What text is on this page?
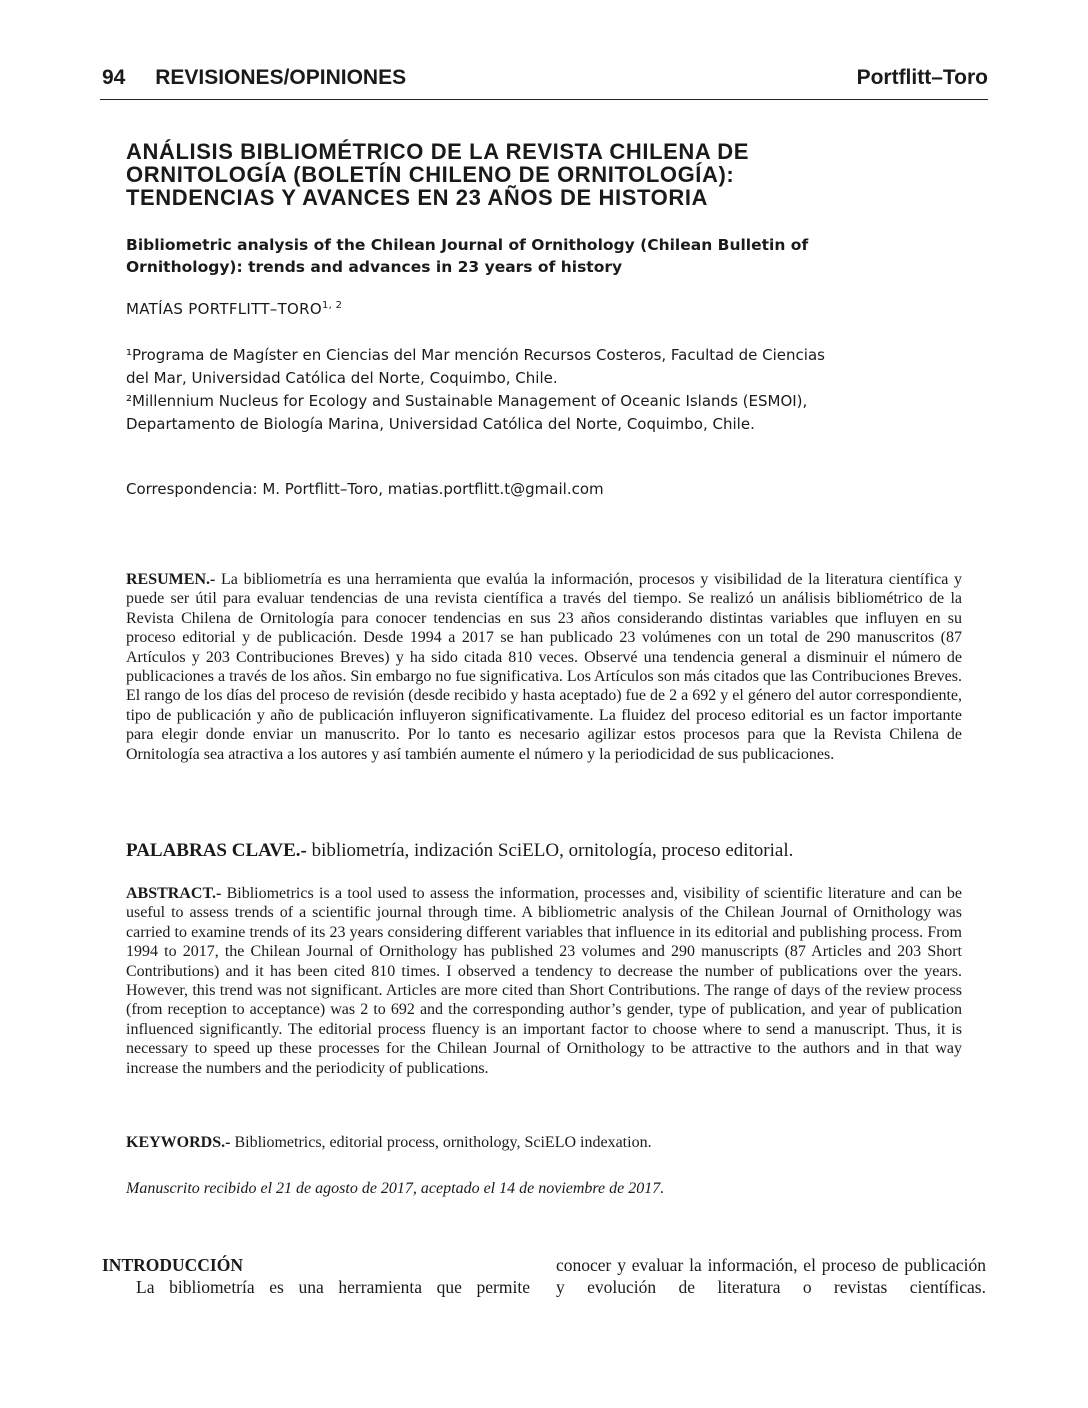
94 REVISIONES/OPINIONES	Portflitt–Toro
ANÁLISIS BIBLIOMÉTRICO DE LA REVISTA CHILENA DE
ORNITOLOGÍA (BOLETÍN CHILENO DE ORNITOLOGÍA):
TENDENCIAS Y AVANCES EN 23 AÑOS DE HISTORIA
Bibliometric analysis of the Chilean Journal of Ornithology (Chilean Bulletin of
Ornithology): trends and advances in 23 years of history
MATÍAS PORTFLITT–TORO$^{1, 2}$
¹Programa de Magíster en Ciencias del Mar mención Recursos Costeros, Facultad de Ciencias
del Mar, Universidad Católica del Norte, Coquimbo, Chile.
²Millennium Nucleus for Ecology and Sustainable Management of Oceanic Islands (ESMOI),
Departamento de Biología Marina, Universidad Católica del Norte, Coquimbo, Chile.
Correspondencia: M. Portflitt–Toro, matias.portflitt.t@gmail.com

RESUMEN.- La bibliometría es una herramienta que evalúa la información, procesos y visibilidad de la literatura científica y puede ser útil para evaluar tendencias de una revista científica a través del tiempo. Se realizó un análisis bibliométrico de la Revista Chilena de Ornitología para conocer tendencias en sus 23 años considerando distintas variables que influyen en su proceso editorial y de publicación. Desde 1994 a 2017 se han publicado 23 volúmenes con un total de 290 manuscritos (87 Artículos y 203 Contribuciones Breves) y ha sido citada 810 veces. Observé una tendencia general a disminuir el número de publicaciones a través de los años. Sin embargo no fue significativa. Los Artículos son más citados que las Contribuciones Breves. El rango de los días del proceso de revisión (desde recibido y hasta aceptado) fue de 2 a 692 y el género del autor correspondiente, tipo de publicación y año de publicación influyeron significativamente. La fluidez del proceso editorial es un factor importante para elegir donde enviar un manuscrito. Por lo tanto es necesario agilizar estos procesos para que la Revista Chilena de Ornitología sea atractiva a los autores y así también aumente el número y la periodicidad de sus publicaciones.

PALABRAS CLAVE.- bibliometría, indización SciELO, ornitología, proceso editorial.

ABSTRACT.- Bibliometrics is a tool used to assess the information, processes and, visibility of scientific literature and can be useful to assess trends of a scientific journal through time. A bibliometric analysis of the Chilean Journal of Ornithology was carried to examine trends of its 23 years considering different variables that influence in its editorial and publishing process. From 1994 to 2017, the Chilean Journal of Ornithology has published 23 volumes and 290 manuscripts (87 Articles and 203 Short Contributions) and it has been cited 810 times. I observed a tendency to decrease the number of publications over the years. However, this trend was not significant. Articles are more cited than Short Contributions. The range of days of the review process (from reception to acceptance) was 2 to 692 and the corresponding author’s gender, type of publication, and year of publication influenced significantly. The editorial process fluency is an important factor to choose where to send a manuscript. Thus, it is necessary to speed up these processes for the Chilean Journal of Ornithology to be attractive to the authors and in that way increase the numbers and the periodicity of publications.

KEYWORDS.- Bibliometrics, editorial process, ornithology, SciELO indexation.
Manuscrito recibido el 21 de agosto de 2017, aceptado el 14 de noviembre de 2017.
INTRODUCCIÓN
La bibliometría es una herramienta que permite
conocer y evaluar la información, el proceso de publicación y evolución de literatura o revistas científicas.
